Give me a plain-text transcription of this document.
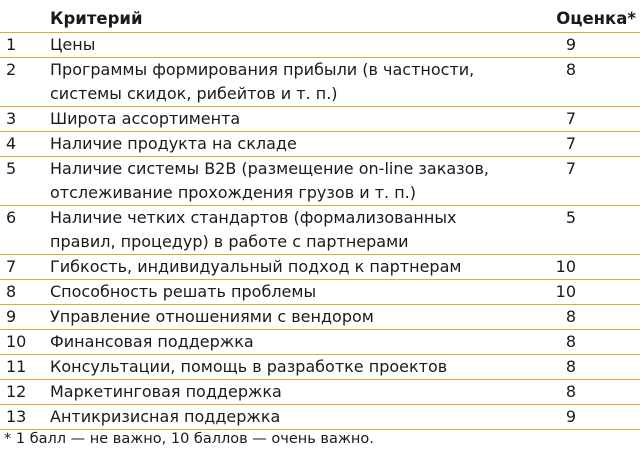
	Критерий	Оценка*
1	Цены	9
2	Программы формирования прибыли (в частности, системы скидок, рибейтов и т. п.)	8
3	Широта ассортимента	7
4	Наличие продукта на складе	7
5	Наличие системы B2B (размещение on-line заказов, отслеживание прохождения грузов и т. п.)	7
6	Наличие четких стандартов (формализованных правил, процедур) в работе с партнерами	5
7	Гибкость, индивидуальный подход к партнерам	10
8	Способность решать проблемы	10
9	Управление отношениями с вендором	8
10	Финансовая поддержка	8
11	Консультации, помощь в разработке проектов	8
12	Маркетинговая поддержка	8
13	Антикризисная поддержка	9
* 1 балл — не важно, 10 баллов — очень важно.
